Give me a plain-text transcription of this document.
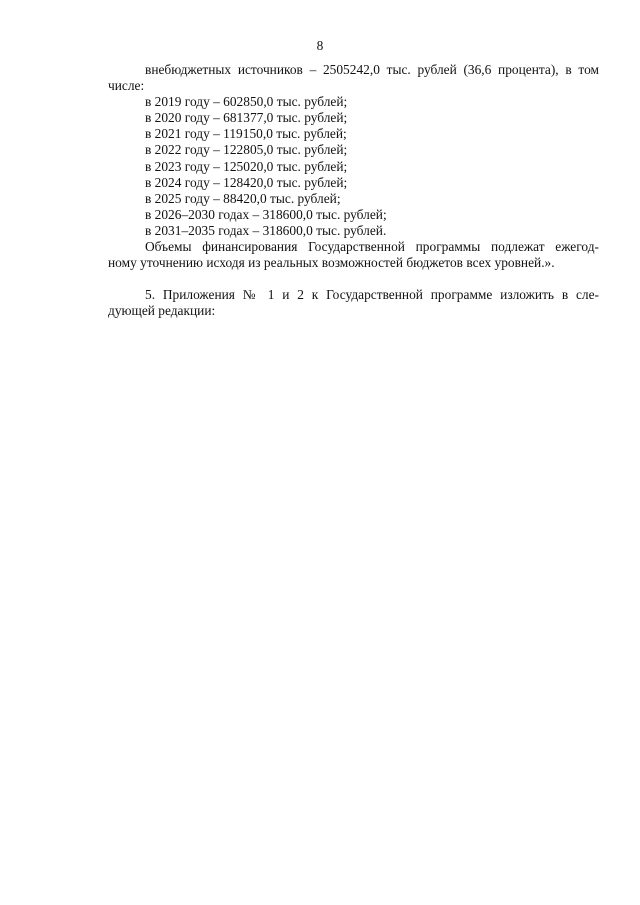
8
внебюджетных источников – 2505242,0 тыс. рублей (36,6 процента), в том
числе:
в 2019 году – 602850,0 тыс. рублей;
в 2020 году – 681377,0 тыс. рублей;
в 2021 году – 119150,0 тыс. рублей;
в 2022 году – 122805,0 тыс. рублей;
в 2023 году – 125020,0 тыс. рублей;
в 2024 году – 128420,0 тыс. рублей;
в 2025 году – 88420,0 тыс. рублей;
в 2026–2030 годах – 318600,0 тыс. рублей;
в 2031–2035 годах – 318600,0 тыс. рублей.
Объемы финансирования Государственной программы подлежат ежегод-
ному уточнению исходя из реальных возможностей бюджетов всех уровней.».
5. Приложения № 1 и 2 к Государственной программе изложить в сле-
дующей редакции:
